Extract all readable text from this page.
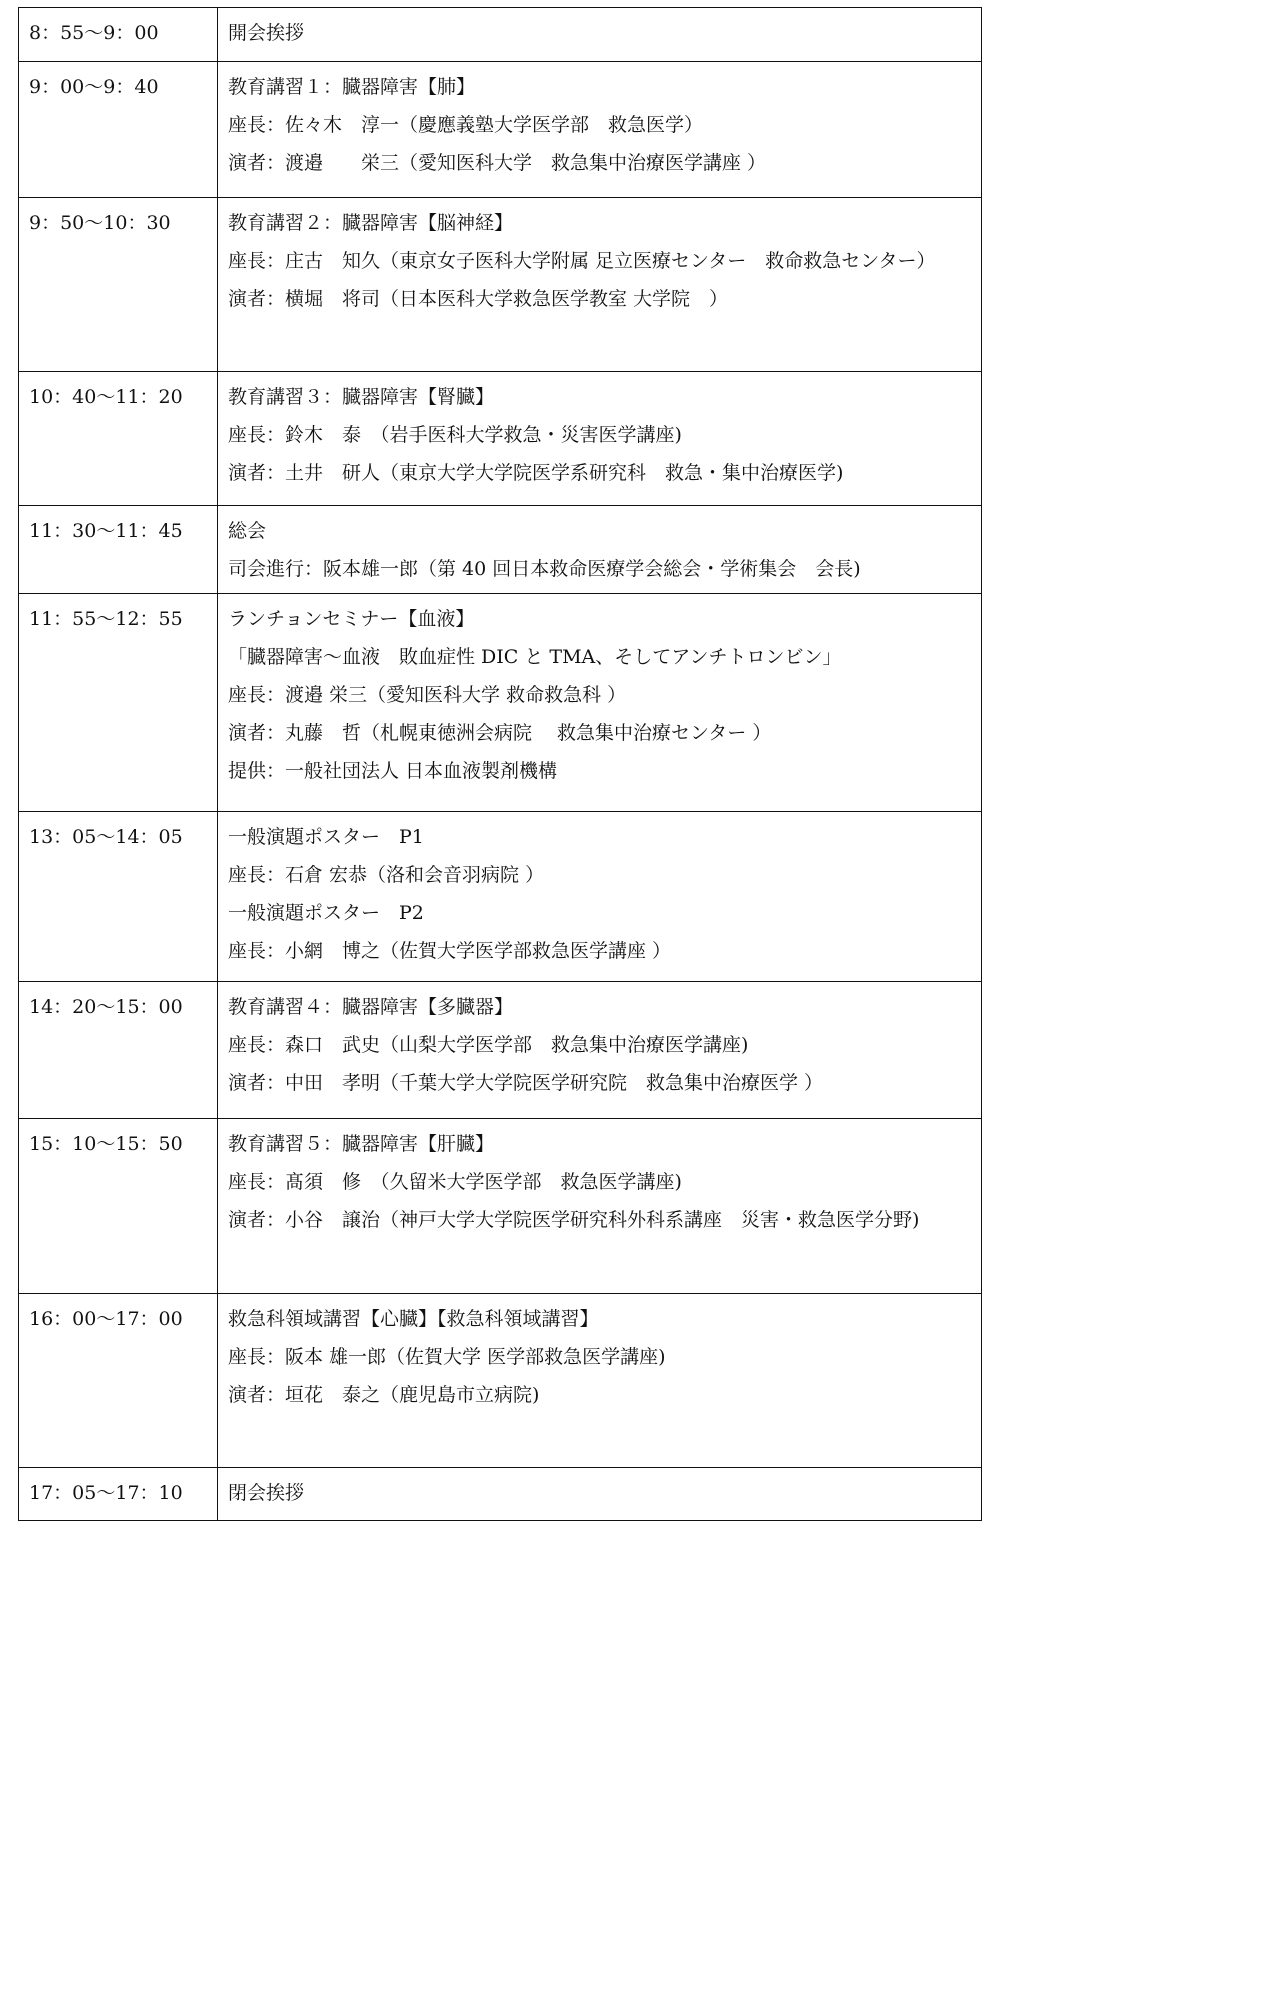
8：55～9：00	開会挨拶

9：00～9：40	教育講習１：臓器障害【肺】
座長：佐々木　淳一（慶應義塾大学医学部　救急医学）
演者：渡邉　　栄三（愛知医科大学　救急集中治療医学講座 ）

9：50～10：30	教育講習２：臓器障害【脳神経】
座長：庄古　知久（東京女子医科大学附属 足立医療センター　救命救急センター）
演者：横堀　将司（日本医科大学救急医学教室 大学院　）

10：40～11：20	教育講習３：臓器障害【腎臓】
座長：鈴木　泰　（岩手医科大学救急・災害医学講座)
演者：土井　研人（東京大学大学院医学系研究科　救急・集中治療医学)

11：30～11：45	総会
司会進行：阪本雄一郎（第 40 回日本救命医療学会総会・学術集会　会長)

11：55～12：55	ランチョンセミナー【血液】
「臓器障害～血液　敗血症性 DIC と TMA、そしてアンチトロンビン」
座長：渡邉 栄三（愛知医科大学 救命救急科 ）
演者：丸藤　哲（札幌東徳洲会病院　 救急集中治療センター ）
提供：一般社団法人 日本血液製剤機構

13：05～14：05	一般演題ポスター　P1
座長：石倉 宏恭（洛和会音羽病院 ）
一般演題ポスター　P2
座長：小網　博之（佐賀大学医学部救急医学講座 ）

14：20～15：00	教育講習４：臓器障害【多臓器】
座長：森口　武史（山梨大学医学部　救急集中治療医学講座)
演者：中田　孝明（千葉大学大学院医学研究院　救急集中治療医学 ）

15：10～15：50	教育講習５：臓器障害【肝臓】
座長：髙須　修　（久留米大学医学部　救急医学講座)
演者：小谷　譲治（神戸大学大学院医学研究科外科系講座　災害・救急医学分野)

16：00～17：00	救急科領域講習【心臓】【救急科領域講習】
座長：阪本 雄一郎（佐賀大学 医学部救急医学講座)
演者：垣花　泰之（鹿児島市立病院)

17：05～17：10	閉会挨拶
